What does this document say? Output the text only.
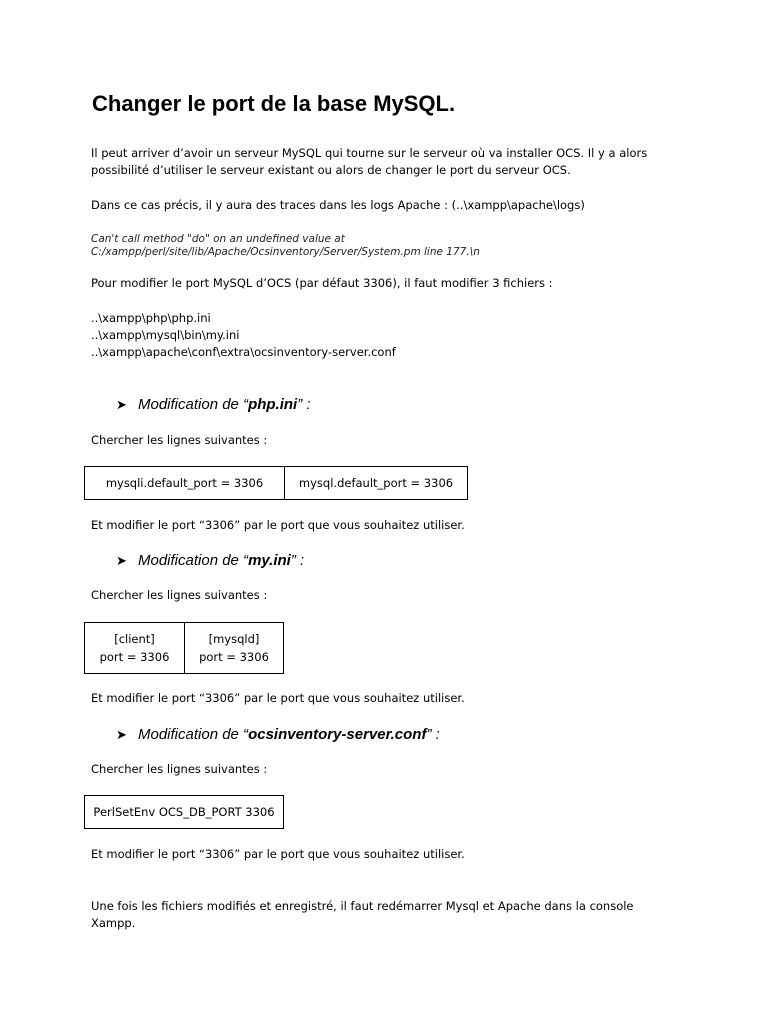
Changer le port de la base MySQL.
Il peut arriver d’avoir un serveur MySQL qui tourne sur le serveur où va installer OCS. Il y a alors possibilité d’utiliser le serveur existant ou alors de changer le port du serveur OCS.
Dans ce cas précis, il y aura des traces dans les logs Apache : (..\xampp\apache\logs)
Can't call method "do" on an undefined value at
C:/xampp/perl/site/lib/Apache/Ocsinventory/Server/System.pm line 177.\n
Pour modifier le port MySQL d’OCS (par défaut 3306), il faut modifier 3 fichiers :
..\xampp\php\php.ini
..\xampp\mysql\bin\my.ini
..\xampp\apache\conf\extra\ocsinventory-server.conf
➤ Modification de “php.ini” :
Chercher les lignes suivantes :
mysqli.default_port = 3306	mysql.default_port = 3306
Et modifier le port “3306” par le port que vous souhaitez utiliser.
➤ Modification de “my.ini” :
Chercher les lignes suivantes :
[client]
port = 3306

[mysqld]
port = 3306
Et modifier le port “3306” par le port que vous souhaitez utiliser.
➤ Modification de “ocsinventory-server.conf” :
Chercher les lignes suivantes :
PerlSetEnv OCS_DB_PORT 3306
Et modifier le port “3306” par le port que vous souhaitez utiliser.
Une fois les fichiers modifiés et enregistré, il faut redémarrer Mysql et Apache dans la console Xampp.
